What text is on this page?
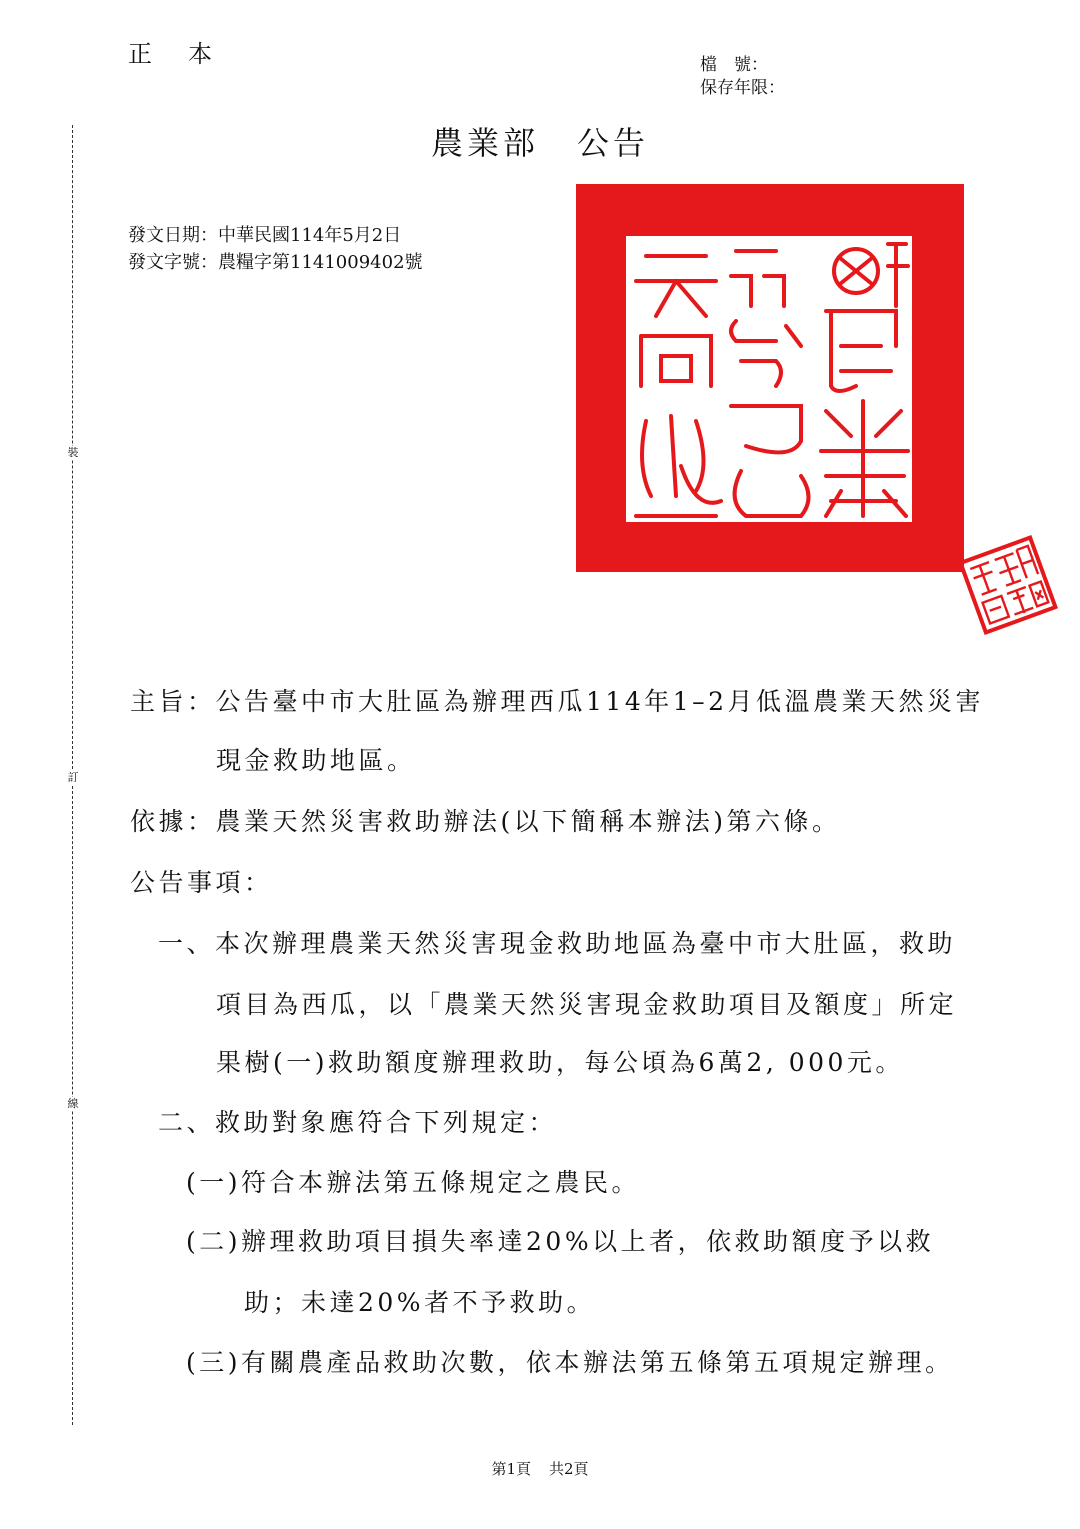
裝
訂
線
正本	檔　號：
保存年限：
農業部 公告
發文日期：中華民國114年5月2日
發文字號：農糧字第1141009402號
主旨：公告臺中市大肚區為辦理西瓜114年1–2月低溫農業天然災害
現金救助地區。
依據：農業天然災害救助辦法(以下簡稱本辦法)第六條。
公告事項：
一、本次辦理農業天然災害現金救助地區為臺中市大肚區，救助
項目為西瓜，以「農業天然災害現金救助項目及額度」所定
果樹(一)救助額度辦理救助，每公頃為6萬2, 000元。
二、救助對象應符合下列規定：
(一)符合本辦法第五條規定之農民。
(二)辦理救助項目損失率達20%以上者，依救助額度予以救
助；未達20%者不予救助。
(三)有關農產品救助次數，依本辦法第五條第五項規定辦理。
第1頁 共2頁
